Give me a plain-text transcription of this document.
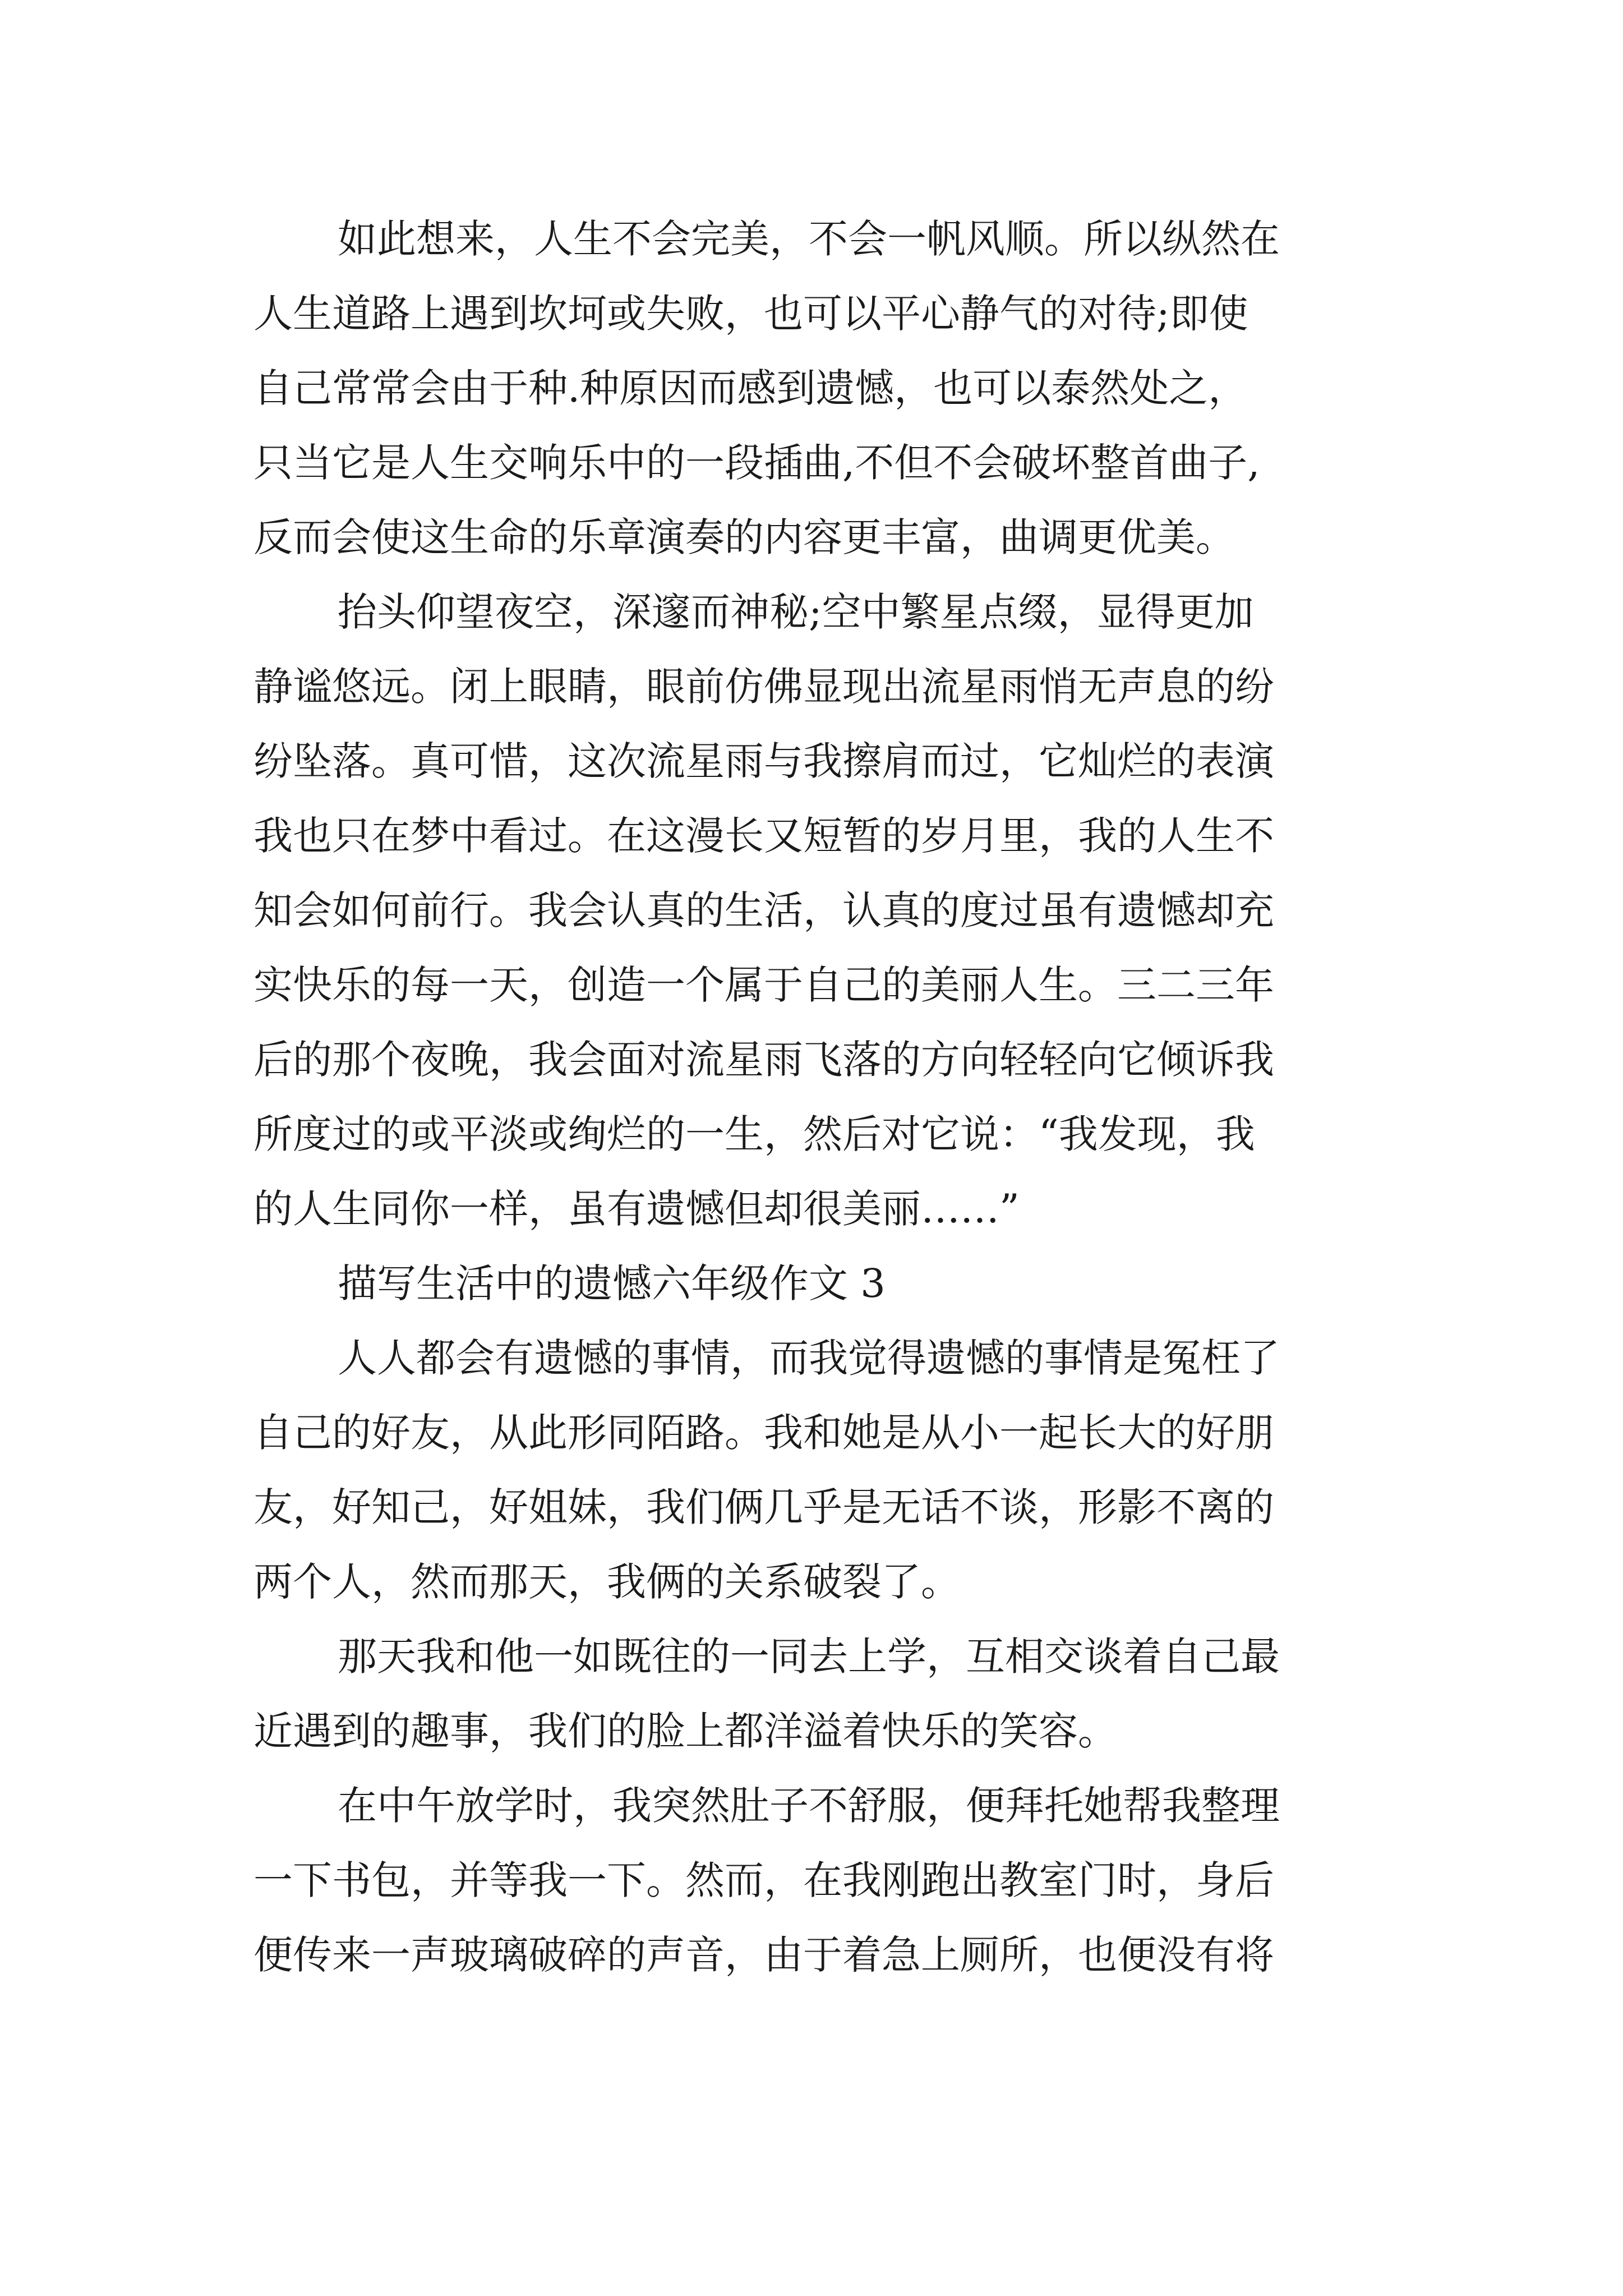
如此想来，人生不会完美，不会一帆风顺。所以纵然在
人生道路上遇到坎坷或失败，也可以平心静气的对待;即使
自己常常会由于种.种原因而感到遗憾，也可以泰然处之，
只当它是人生交响乐中的一段插曲,不但不会破坏整首曲子,
反而会使这生命的乐章演奏的内容更丰富，曲调更优美。
抬头仰望夜空，深邃而神秘;空中繁星点缀，显得更加
静谧悠远。闭上眼睛，眼前仿佛显现出流星雨悄无声息的纷
纷坠落。真可惜，这次流星雨与我擦肩而过，它灿烂的表演
我也只在梦中看过。在这漫长又短暂的岁月里，我的人生不
知会如何前行。我会认真的生活，认真的度过虽有遗憾却充
实快乐的每一天，创造一个属于自己的美丽人生。三二三年
后的那个夜晚，我会面对流星雨飞落的方向轻轻向它倾诉我
所度过的或平淡或绚烂的一生，然后对它说：“我发现，我
的人生同你一样，虽有遗憾但却很美丽……”
描写生活中的遗憾六年级作文 3
人人都会有遗憾的事情，而我觉得遗憾的事情是冤枉了
自己的好友，从此形同陌路。我和她是从小一起长大的好朋
友，好知己，好姐妹，我们俩几乎是无话不谈，形影不离的
两个人，然而那天，我俩的关系破裂了。
那天我和他一如既往的一同去上学，互相交谈着自己最
近遇到的趣事，我们的脸上都洋溢着快乐的笑容。
在中午放学时，我突然肚子不舒服，便拜托她帮我整理
一下书包，并等我一下。然而，在我刚跑出教室门时，身后
便传来一声玻璃破碎的声音，由于着急上厕所，也便没有将
